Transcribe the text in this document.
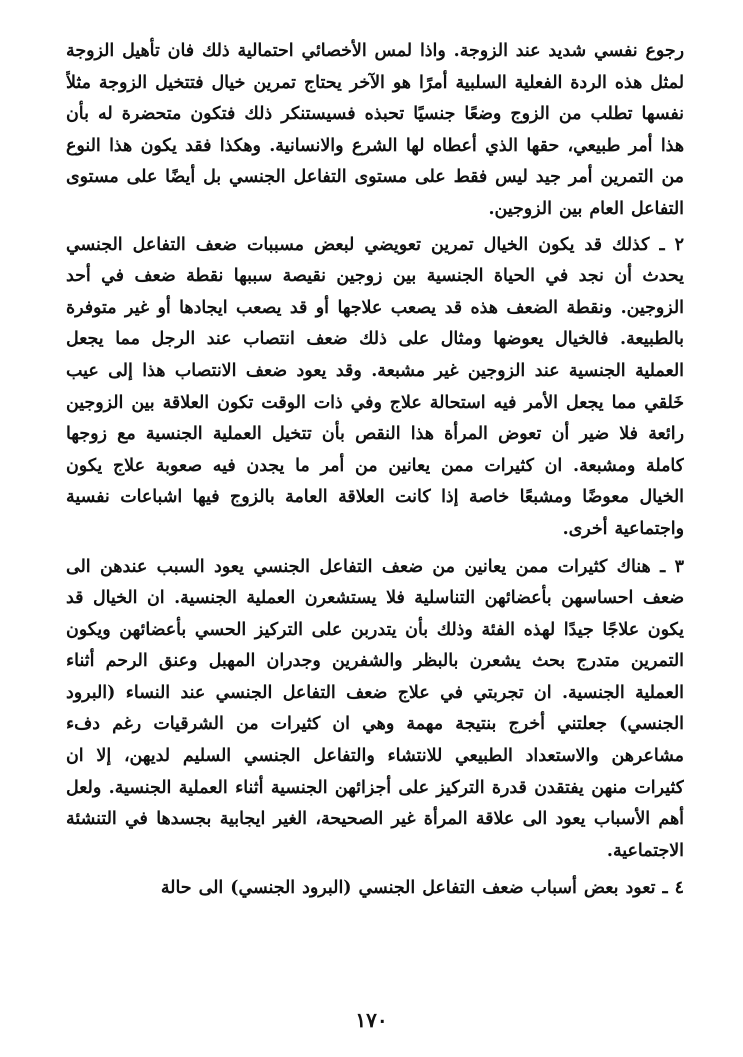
رجوع نفسي شديد عند الزوجة. واذا لمس الأخصائي احتمالية ذلك فان تأهيل الزوجة لمثل هذه الردة الفعلية السلبية أمرًا هو الآخر يحتاج تمرين خيال فتتخيل الزوجة مثلاً نفسها تطلب من الزوج وضعًا جنسيًا تحبذه فسيستنكر ذلك فتكون متحضرة له بأن هذا أمر طبيعي، حقها الذي أعطاه لها الشرع والانسانية. وهكذا فقد يكون هذا النوع من التمرين أمر جيد ليس فقط على مستوى التفاعل الجنسي بل أيضًا على مستوى التفاعل العام بين الزوجين.

٢ ـ كذلك قد يكون الخيال تمرين تعويضي لبعض مسببات ضعف التفاعل الجنسي يحدث أن نجد في الحياة الجنسية بين زوجين نقيصة سببها نقطة ضعف في أحد الزوجين. ونقطة الضعف هذه قد يصعب علاجها أو قد يصعب ايجادها أو غير متوفرة بالطبيعة. فالخيال يعوضها ومثال على ذلك ضعف انتصاب عند الرجل مما يجعل العملية الجنسية عند الزوجين غير مشبعة. وقد يعود ضعف الانتصاب هذا إلى عيب خَلقي مما يجعل الأمر فيه استحالة علاج وفي ذات الوقت تكون العلاقة بين الزوجين رائعة فلا ضير أن تعوض المرأة هذا النقص بأن تتخيل العملية الجنسية مع زوجها كاملة ومشبعة. ان كثيرات ممن يعانين من أمر ما يجدن فيه صعوبة علاج يكون الخيال معوضًا ومشبعًا خاصة إذا كانت العلاقة العامة بالزوج فيها اشباعات نفسية واجتماعية أخرى.

٣ ـ هناك كثيرات ممن يعانين من ضعف التفاعل الجنسي يعود السبب عندهن الى ضعف احساسهن بأعضائهن التناسلية فلا يستشعرن العملية الجنسية. ان الخيال قد يكون علاجًا جيدًا لهذه الفئة وذلك بأن يتدربن على التركيز الحسي بأعضائهن ويكون التمرين متدرج بحث يشعرن بالبظر والشفرين وجدران المهبل وعنق الرحم أثناء العملية الجنسية. ان تجربتي في علاج ضعف التفاعل الجنسي عند النساء (البرود الجنسي) جعلتني أخرج بنتيجة مهمة وهي ان كثيرات من الشرقيات رغم دفء مشاعرهن والاستعداد الطبيعي للانتشاء والتفاعل الجنسي السليم لديهن، إلا ان كثيرات منهن يفتقدن قدرة التركيز على أجزائهن الجنسية أثناء العملية الجنسية. ولعل أهم الأسباب يعود الى علاقة المرأة غير الصحيحة، الغير ايجابية بجسدها في التنشئة الاجتماعية.

٤ ـ تعود بعض أسباب ضعف التفاعل الجنسي (البرود الجنسي) الى حالة

١٧٠
